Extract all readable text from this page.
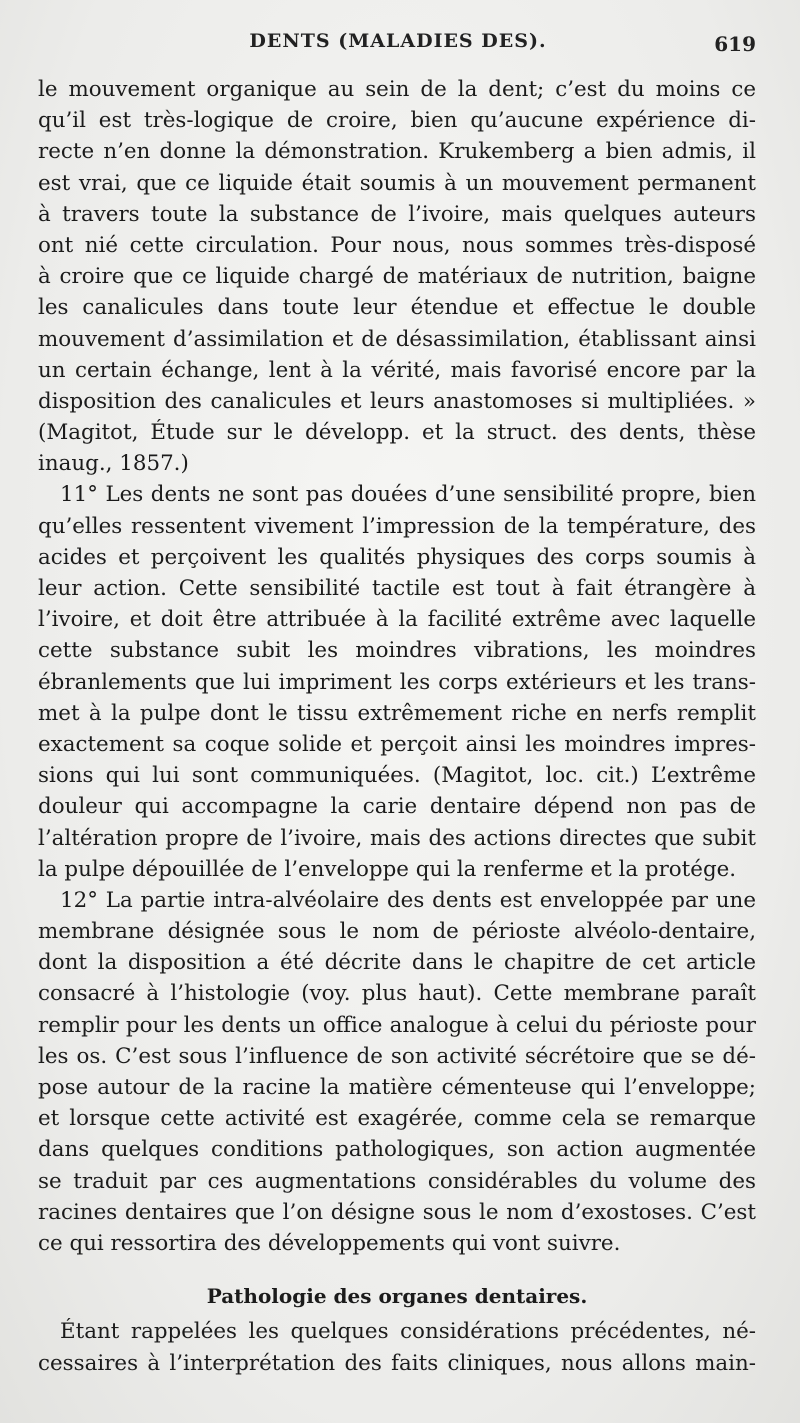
DENTS (MALADIES DES).	619
le mouvement organique au sein de la dent; c’est du moins ce
qu’il est très-logique de croire, bien qu’aucune expérience di-
recte n’en donne la démonstration. Krukemberg a bien admis, il
est vrai, que ce liquide était soumis à un mouvement permanent
à travers toute la substance de l’ivoire, mais quelques auteurs
ont nié cette circulation. Pour nous, nous sommes très-disposé
à croire que ce liquide chargé de matériaux de nutrition, baigne
les canalicules dans toute leur étendue et effectue le double
mouvement d’assimilation et de désassimilation, établissant ainsi
un certain échange, lent à la vérité, mais favorisé encore par la
disposition des canalicules et leurs anastomoses si multipliées. »
(Magitot, Étude sur le développ. et la struct. des dents, thèse
inaug., 1857.)
11° Les dents ne sont pas douées d’une sensibilité propre, bien
qu’elles ressentent vivement l’impression de la température, des
acides et perçoivent les qualités physiques des corps soumis à
leur action. Cette sensibilité tactile est tout à fait étrangère à
l’ivoire, et doit être attribuée à la facilité extrême avec laquelle
cette substance subit les moindres vibrations, les moindres
ébranlements que lui impriment les corps extérieurs et les trans-
met à la pulpe dont le tissu extrêmement riche en nerfs remplit
exactement sa coque solide et perçoit ainsi les moindres impres-
sions qui lui sont communiquées. (Magitot, loc. cit.) L’extrême
douleur qui accompagne la carie dentaire dépend non pas de
l’altération propre de l’ivoire, mais des actions directes que subit
la pulpe dépouillée de l’enveloppe qui la renferme et la protége.
12° La partie intra-alvéolaire des dents est enveloppée par une
membrane désignée sous le nom de périoste alvéolo-dentaire,
dont la disposition a été décrite dans le chapitre de cet article
consacré à l’histologie (voy. plus haut). Cette membrane paraît
remplir pour les dents un office analogue à celui du périoste pour
les os. C’est sous l’influence de son activité sécrétoire que se dé-
pose autour de la racine la matière cémenteuse qui l’enveloppe;
et lorsque cette activité est exagérée, comme cela se remarque
dans quelques conditions pathologiques, son action augmentée
se traduit par ces augmentations considérables du volume des
racines dentaires que l’on désigne sous le nom d’exostoses. C’est
ce qui ressortira des développements qui vont suivre.
Pathologie des organes dentaires.
Étant rappelées les quelques considérations précédentes, né-
cessaires à l’interprétation des faits cliniques, nous allons main-
